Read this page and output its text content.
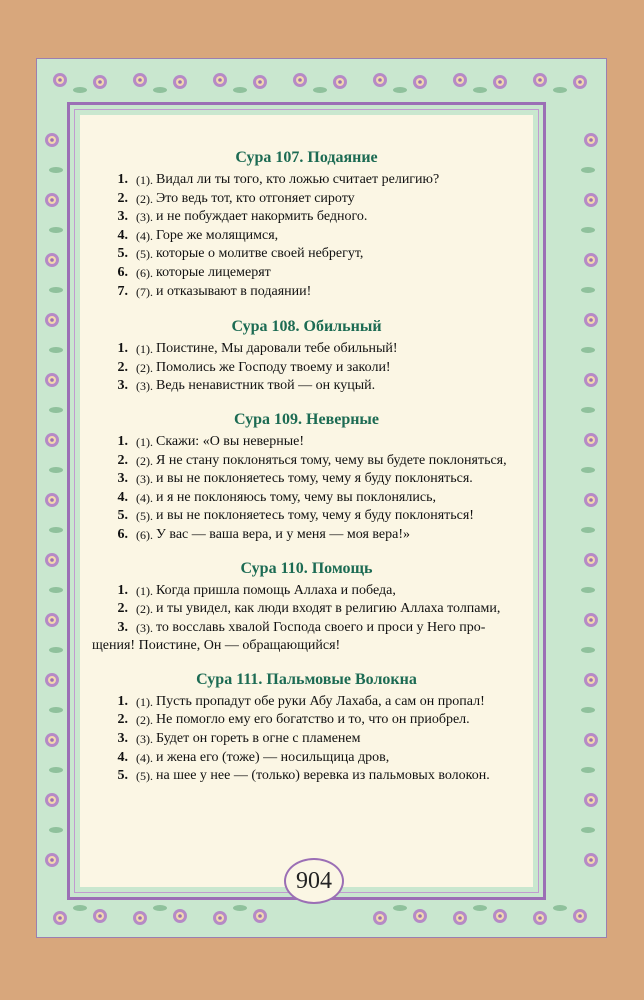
Сура 107. Подаяние
1. (1). Видал ли ты того, кто ложью считает религию?
2. (2). Это ведь тот, кто отгоняет сироту
3. (3). и не побуждает накормить бедного.
4. (4). Горе же молящимся,
5. (5). которые о молитве своей небрегут,
6. (6). которые лицемерят
7. (7). и отказывают в подаянии!
Сура 108. Обильный
1. (1). Поистине, Мы даровали тебе обильный!
2. (2). Помолись же Господу твоему и заколи!
3. (3). Ведь ненавистник твой — он куцый.
Сура 109. Неверные
1. (1). Скажи: «О вы неверные!
2. (2). Я не стану поклоняться тому, чему вы будете поклоняться,
3. (3). и вы не поклоняетесь тому, чему я буду поклоняться.
4. (4). и я не поклоняюсь тому, чему вы поклонялись,
5. (5). и вы не поклоняетесь тому, чему я буду поклоняться!
6. (6). У вас — ваша вера, и у меня — моя вера!»
Сура 110. Помощь
1. (1). Когда пришла помощь Аллаха и победа,
2. (2). и ты увидел, как люди входят в религию Аллаха толпами,
3. (3). то восславь хвалой Господа своего и проси у Него про-
щения! Поистине, Он — обращающийся!
Сура 111. Пальмовые Волокна
1. (1). Пусть пропадут обе руки Абу Лахаба, а сам он пропал!
2. (2). Не помогло ему его богатство и то, что он приобрел.
3. (3). Будет он гореть в огне с пламенем
4. (4). и жена его (тоже) — носильщица дров,
5. (5). на шее у нее — (только) веревка из пальмовых волокон.
904
